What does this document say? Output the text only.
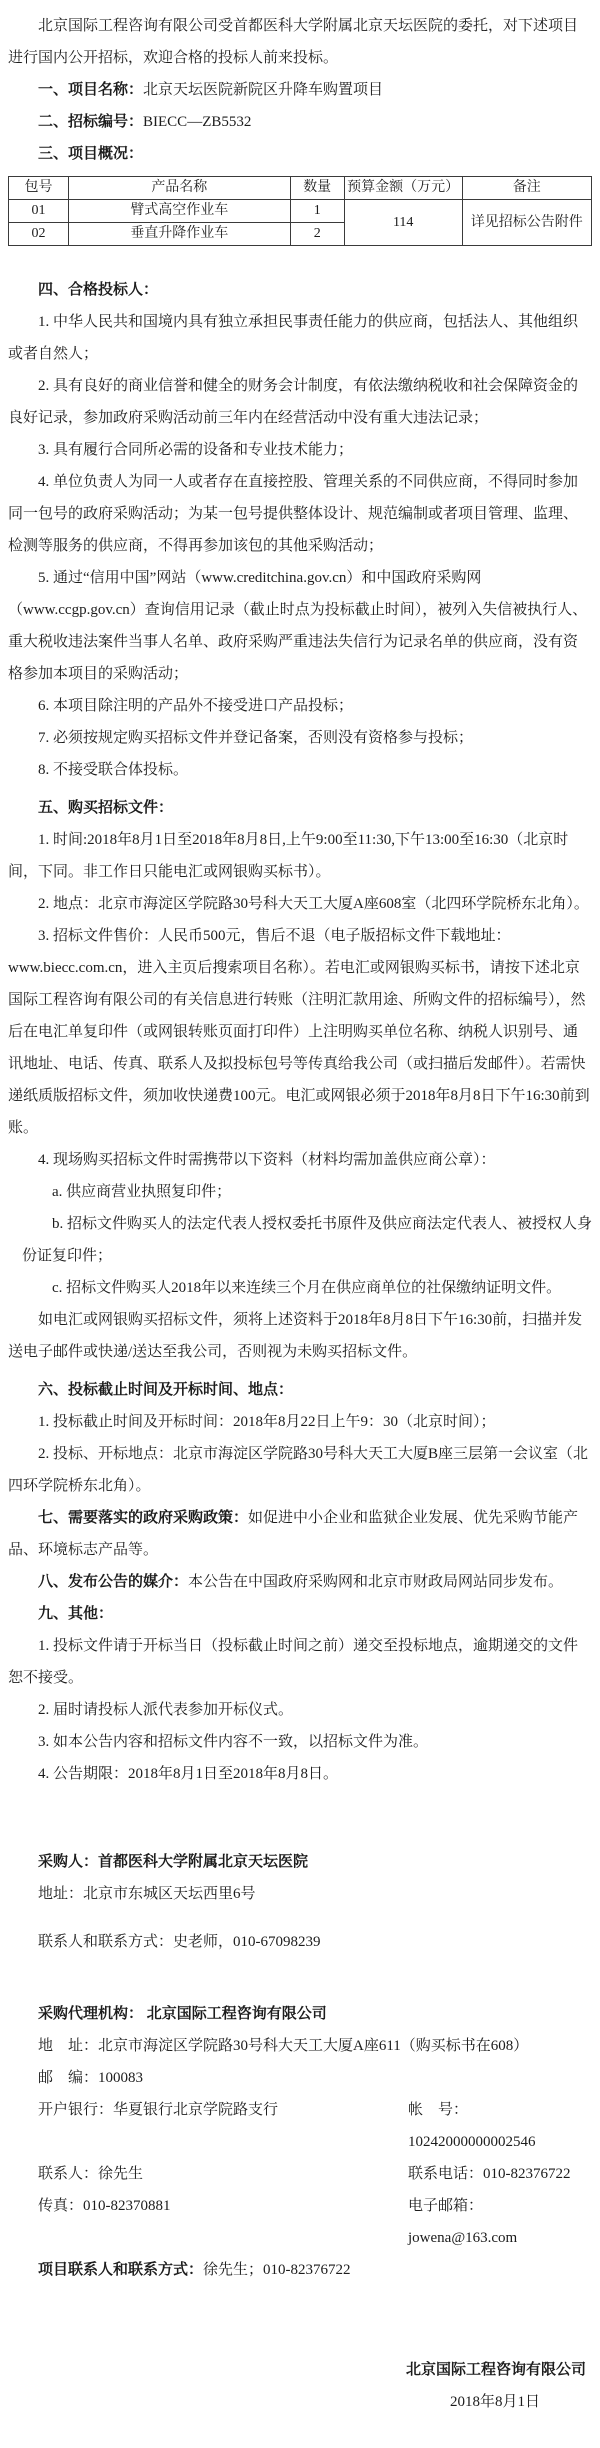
北京国际工程咨询有限公司受首都医科大学附属北京天坛医院的委托，对下述项目进行国内公开招标，欢迎合格的投标人前来投标。

一、项目名称：北京天坛医院新院区升降车购置项目

二、招标编号：BIECC—ZB5532

三、项目概况：

包号	产品名称	数量	预算金额（万元）	备注
01	臂式高空作业车	1	114	详见招标公告附件
02	垂直升降作业车	2		

四、合格投标人：

1. 中华人民共和国境内具有独立承担民事责任能力的供应商，包括法人、其他组织或者自然人；

2. 具有良好的商业信誉和健全的财务会计制度，有依法缴纳税收和社会保障资金的良好记录，参加政府采购活动前三年内在经营活动中没有重大违法记录；

3. 具有履行合同所必需的设备和专业技术能力；

4. 单位负责人为同一人或者存在直接控股、管理关系的不同供应商，不得同时参加同一包号的政府采购活动；为某一包号提供整体设计、规范编制或者项目管理、监理、检测等服务的供应商，不得再参加该包的其他采购活动；

5. 通过“信用中国”网站（www.creditchina.gov.cn）和中国政府采购网（www.ccgp.gov.cn）查询信用记录（截止时点为投标截止时间），被列入失信被执行人、重大税收违法案件当事人名单、政府采购严重违法失信行为记录名单的供应商，没有资格参加本项目的采购活动；

6. 本项目除注明的产品外不接受进口产品投标；

7. 必须按规定购买招标文件并登记备案，否则没有资格参与投标；

8. 不接受联合体投标。

五、购买招标文件：

1. 时间:2018年8月1日至2018年8月8日,上午9:00至11:30,下午13:00至16:30（北京时间，下同。非工作日只能电汇或网银购买标书）。

2. 地点：北京市海淀区学院路30号科大天工大厦A座608室（北四环学院桥东北角）。

3. 招标文件售价：人民币500元，售后不退（电子版招标文件下载地址：www.biecc.com.cn，进入主页后搜索项目名称）。若电汇或网银购买标书，请按下述北京国际工程咨询有限公司的有关信息进行转账（注明汇款用途、所购文件的招标编号），然后在电汇单复印件（或网银转账页面打印件）上注明购买单位名称、纳税人识别号、通讯地址、电话、传真、联系人及拟投标包号等传真给我公司（或扫描后发邮件）。若需快递纸质版招标文件，须加收快递费100元。电汇或网银必须于2018年8月8日下午16:30前到账。

4. 现场购买招标文件时需携带以下资料（材料均需加盖供应商公章）：

a. 供应商营业执照复印件；

b. 招标文件购买人的法定代表人授权委托书原件及供应商法定代表人、被授权人身份证复印件；

c. 招标文件购买人2018年以来连续三个月在供应商单位的社保缴纳证明文件。

如电汇或网银购买招标文件，须将上述资料于2018年8月8日下午16:30前，扫描并发送电子邮件或快递/送达至我公司，否则视为未购买招标文件。

六、投标截止时间及开标时间、地点：

1. 投标截止时间及开标时间：2018年8月22日上午9：30（北京时间）；

2. 投标、开标地点：北京市海淀区学院路30号科大天工大厦B座三层第一会议室（北四环学院桥东北角）。

七、需要落实的政府采购政策：如促进中小企业和监狱企业发展、优先采购节能产品、环境标志产品等。

八、发布公告的媒介：本公告在中国政府采购网和北京市财政局网站同步发布。

九、其他：

1. 投标文件请于开标当日（投标截止时间之前）递交至投标地点，逾期递交的文件恕不接受。

2. 届时请投标人派代表参加开标仪式。

3. 如本公告内容和招标文件内容不一致，以招标文件为准。

4. 公告期限：2018年8月1日至2018年8月8日。

采购人：首都医科大学附属北京天坛医院

地址：北京市东城区天坛西里6号

联系人和联系方式：史老师，010-67098239

采购代理机构： 北京国际工程咨询有限公司

地　址：北京市海淀区学院路30号科大天工大厦A座611（购买标书在608）

邮　编：100083

开户银行：华夏银行北京学院路支行	帐　号：10242000000002546
联系人：徐先生	联系电话：010-82376722
传真：010-82370881	电子邮箱：jowena@163.com

项目联系人和联系方式：徐先生；010-82376722

北京国际工程咨询有限公司

2018年8月1日
